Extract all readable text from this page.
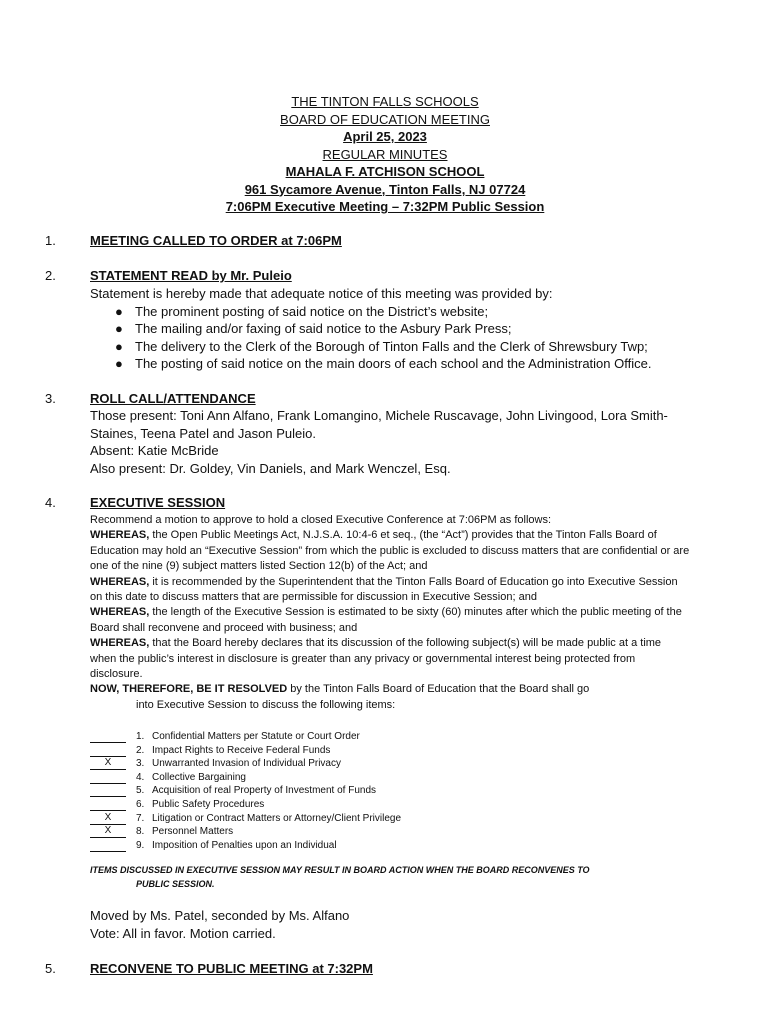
THE TINTON FALLS SCHOOLS
BOARD OF EDUCATION MEETING
April 25, 2023
REGULAR MINUTES
MAHALA F. ATCHISON SCHOOL
961 Sycamore Avenue, Tinton Falls, NJ 07724
7:06PM Executive Meeting – 7:32PM Public Session
1.	MEETING CALLED TO ORDER at 7:06PM
2.	STATEMENT READ by Mr. Puleio
Statement is hereby made that adequate notice of this meeting was provided by:
● The prominent posting of said notice on the District’s website;
● The mailing and/or faxing of said notice to the Asbury Park Press;
● The delivery to the Clerk of the Borough of Tinton Falls and the Clerk of Shrewsbury Twp;
● The posting of said notice on the main doors of each school and the Administration Office.
3.	ROLL CALL/ATTENDANCE
Those present: Toni Ann Alfano, Frank Lomangino, Michele Ruscavage, John Livingood, Lora Smith-Staines, Teena Patel and Jason Puleio.
Absent: Katie McBride
Also present: Dr. Goldey, Vin Daniels, and Mark Wenczel, Esq.
4.	EXECUTIVE SESSION
Recommend a motion to approve to hold a closed Executive Conference at 7:06PM as follows:
WHEREAS, the Open Public Meetings Act, N.J.S.A. 10:4-6 et seq., (the “Act”) provides that the Tinton Falls Board of Education may hold an “Executive Session” from which the public is excluded to discuss matters that are confidential or are one of the nine (9) subject matters listed Section 12(b) of the Act; and
WHEREAS, it is recommended by the Superintendent that the Tinton Falls Board of Education go into Executive Session on this date to discuss matters that are permissible for discussion in Executive Session; and
WHEREAS, the length of the Executive Session is estimated to be sixty (60) minutes after which the public meeting of the Board shall reconvene and proceed with business; and
WHEREAS, that the Board hereby declares that its discussion of the following subject(s) will be made public at a time when the public’s interest in disclosure is greater than any privacy or governmental interest being protected from disclosure.
NOW, THEREFORE, BE IT RESOLVED by the Tinton Falls Board of Education that the Board shall go
into Executive Session to discuss the following items:
1. Confidential Matters per Statute or Court Order
2. Impact Rights to Receive Federal Funds
X	3. Unwarranted Invasion of Individual Privacy
4. Collective Bargaining
5. Acquisition of real Property of Investment of Funds
6. Public Safety Procedures
X	7. Litigation or Contract Matters or Attorney/Client Privilege
X	8. Personnel Matters
9. Imposition of Penalties upon an Individual
ITEMS DISCUSSED IN EXECUTIVE SESSION MAY RESULT IN BOARD ACTION WHEN THE BOARD RECONVENES TO
PUBLIC SESSION.
Moved by Ms. Patel, seconded by Ms. Alfano
Vote: All in favor. Motion carried.
5.	RECONVENE TO PUBLIC MEETING at 7:32PM
